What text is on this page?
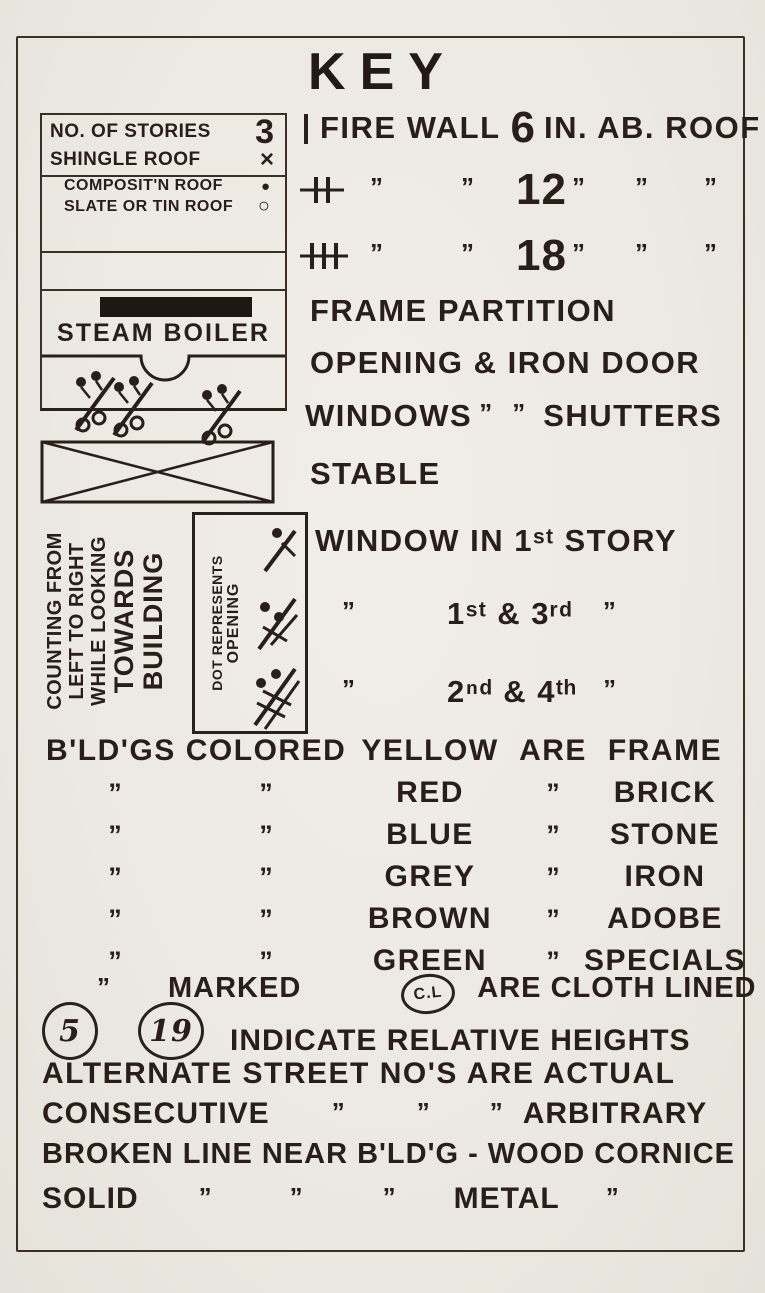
KEY
NO. OF STORIES 3
SHINGLE ROOF ×
COMPOSIT'N ROOF	●
SLATE OR TIN ROOF ○
STEAM BOILER
COUNTING FROM LEFT TO RIGHT WHILE LOOKING TOWARDS BUILDING	DOT REPRESENTS OPENING
FIRE WALL 6 IN. AB. ROOF
”	” 12 ” ” ”
”	” 18 ” ” ”
FRAME PARTITION
OPENING & IRON DOOR
WINDOWS ” ” SHUTTERS
STABLE
WINDOW IN 1ˢᵗ STORY
”	1ˢᵗ & 3ʳᵈ ”
”	2ⁿᵈ & 4ᵗʰ ”
B'LD'GS COLORED YELLOW ARE FRAME
”	”	RED	”	BRICK
”	”	BLUE	”	STONE
”	”	GREY	”	IRON
”	”	BROWN	”	ADOBE
”	”	GREEN	” SPECIALS
” MARKED	C.L	ARE CLOTH LINED
5	19	INDICATE RELATIVE HEIGHTS
ALTERNATE STREET NO'S ARE ACTUAL
CONSECUTIVE ”	” ” ARBITRARY
BROKEN LINE NEAR B'LD'G - WOOD CORNICE
SOLID ”	”	” METAL ”
